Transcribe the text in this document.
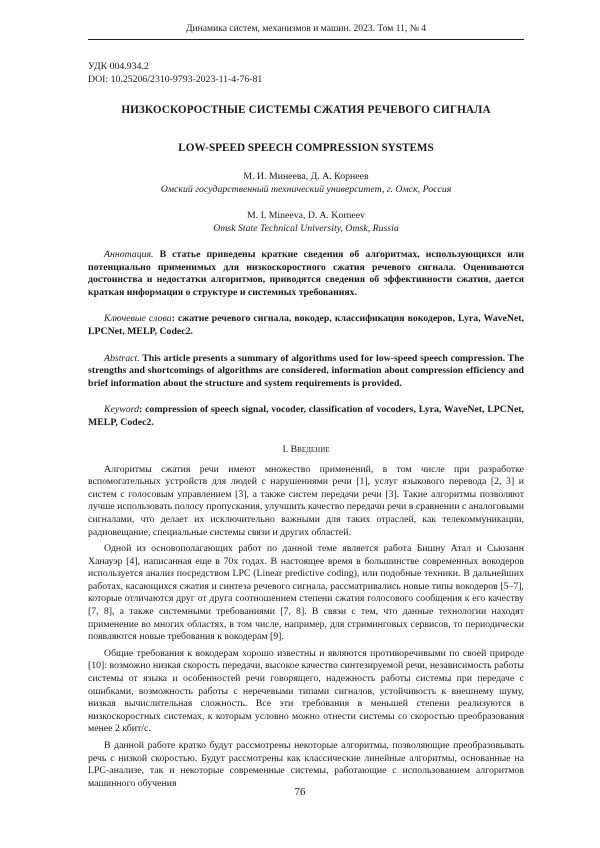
Динамика систем, механизмов и машин. 2023. Том 11, № 4
УДК 004.934.2
DOI: 10.25206/2310-9793-2023-11-4-76-81
НИЗКОСКОРОСТНЫЕ СИСТЕМЫ СЖАТИЯ РЕЧЕВОГО СИГНАЛА
LOW-SPEED SPEECH COMPRESSION SYSTEMS
М. И. Минеева, Д. А. Корнеев
Омский государственный технический университет, г. Омск, Россия
M. I. Mineeva, D. A. Korneev
Omsk State Technical University, Omsk, Russia

Аннотация. В статье приведены краткие сведения об алгоритмах, использующихся или потенциально применимых для низкоскоростного сжатия речевого сигнала. Оцениваются достоинства и недостатки алгоритмов, приводятся сведения об эффективности сжатия, дается краткая информация о структуре и системных требованиях.

Ключевые слова: сжатие речевого сигнала, вокодер, классификация вокодеров, Lyra, WaveNet, LPCNet, MELP, Codec2.

Abstract. This article presents a summary of algorithms used for low-speed speech compression. The strengths and shortcomings of algorithms are considered, information about compression efficiency and brief information about the structure and system requirements is provided.

Keyword: compression of speech signal, vocoder, classification of vocoders, Lyra, WaveNet, LPCNet, MELP, Codec2.

I. Введение

Алгоритмы сжатия речи имеют множество применений, в том числе при разработке вспомогательных устройств для людей с нарушениями речи [1], услуг языкового перевода [2, 3] и систем с голосовым управлением [3], а также систем передачи речи [3]. Такие алгоритмы позволяют лучше использовать полосу пропускания, улучшить качество передачи речи в сравнении с аналоговыми сигналами, что делает их исключительно важными для таких отраслей, как телекоммуникации, радиовещание, специальные системы связи и других областей.

Одной из основополагающих работ по данной теме является работа Бишну Атал и Сьюзанн Ханауэр [4], написанная еще в 70х годах. В настоящее время в большинстве современных вокодеров используется анализ посредством LPC (Linear predictive coding), или подобные техники. В дальнейших работах, касающихся сжатия и синтеза речевого сигнала, рассматривались новые типы вокодеров [5–7], которые отличаются друг от друга соотношением степени сжатия голосового сообщения к его качеству [7, 8], а также системными требованиями [7, 8]. В связи с тем, что данные технологии находят применение во многих областях, в том числе, например, для стриминговых сервисов, то периодически появляются новые требования к вокодерам [9].

Общие требования к вокодерам хорошо известны и являются противоречивыми по своей природе [10]: возможно низкая скорость передачи, высокое качество синтезируемой речи, независимость работы системы от языка и особенностей речи говорящего, надежность работы системы при передаче с ошибками, возможность работы с неречевыми типами сигналов, устойчивость к внешнему шуму, низкая вычислительная сложность. Все эти требования в меньшей степени реализуются в низкоскоростных системах, к которым условно можно отнести системы со скоростью преобразования менее 2 кбит/с.

В данной работе кратко будут рассмотрены некоторые алгоритмы, позволяющие преобразовывать речь с низкой скоростью. Будут рассмотрены как классические линейные алгоритмы, основанные на LPC-анализе, так и некоторые современные системы, работающие с использованием алгоритмов машинного обучения

76
